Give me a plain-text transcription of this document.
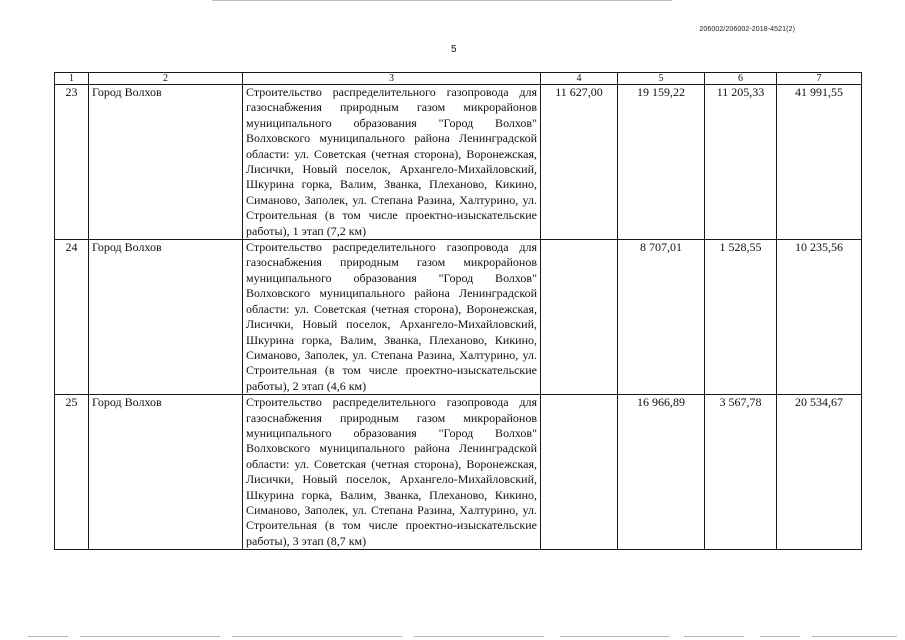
206002/206002-2018-4521(2)
5
1	2	3	4	5	6	7
23	Город Волхов	Строительство распределительного газопровода для газоснабжения природным газом микрорайонов муниципального образования "Город Волхов" Волховского муниципального района Ленинградской области: ул. Советская (четная сторона), Воронежская, Лисички, Новый поселок, Архангело-Михайловский, Шкурина горка, Валим, Званка, Плеханово, Кикино, Симаново, Заполек, ул. Степана Разина, Халтурино, ул. Строительная (в том числе проектно-изыскательские работы), 1 этап (7,2 км)	11 627,00	19 159,22	11 205,33	41 991,55
24	Город Волхов	Строительство распределительного газопровода для газоснабжения природным газом микрорайонов муниципального образования "Город Волхов" Волховского муниципального района Ленинградской области: ул. Советская (четная сторона), Воронежская, Лисички, Новый поселок, Архангело-Михайловский, Шкурина горка, Валим, Званка, Плеханово, Кикино, Симаново, Заполек, ул. Степана Разина, Халтурино, ул. Строительная (в том числе проектно-изыскательские работы), 2 этап (4,6 км)		8 707,01	1 528,55	10 235,56
25	Город Волхов	Строительство распределительного газопровода для газоснабжения природным газом микрорайонов муниципального образования "Город Волхов" Волховского муниципального района Ленинградской области: ул. Советская (четная сторона), Воронежская, Лисички, Новый поселок, Архангело-Михайловский, Шкурина горка, Валим, Званка, Плеханово, Кикино, Симаново, Заполек, ул. Степана Разина, Халтурино, ул. Строительная (в том числе проектно-изыскательские работы), 3 этап (8,7 км)		16 966,89	3 567,78	20 534,67
